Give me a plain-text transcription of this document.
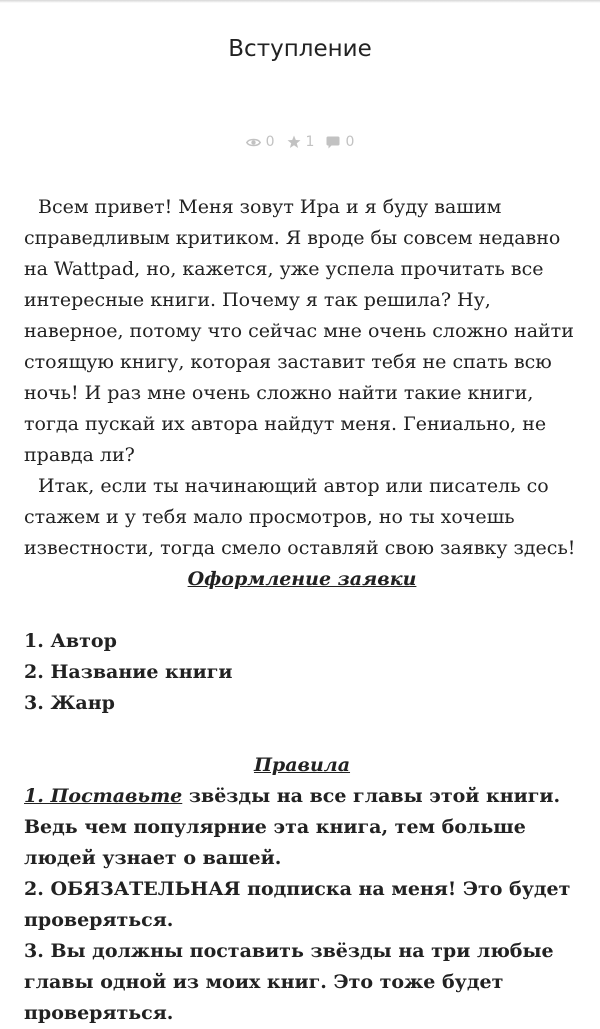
Вступление
0 1 0

Всем привет! Меня зовут Ира и я буду вашим справедливым критиком. Я вроде бы совсем недавно на Wattpad, но, кажется, уже успела прочитать все интересные книги. Почему я так решила? Ну, наверное, потому что сейчас мне очень сложно найти стоящую книгу, которая заставит тебя не спать всю ночь! И раз мне очень сложно найти такие книги, тогда пускай их автора найдут меня. Гениально, не правда ли?

Итак, если ты начинающий автор или писатель со стажем и у тебя мало просмотров, но ты хочешь известности, тогда смело оставляй свою заявку здесь!

Оформление заявки

1. Автор

2. Название книги

3. Жанр

Правила

1. Поставьте звёзды на все главы этой книги. Ведь чем популярние эта книга, тем больше людей узнает о вашей.

2. ОБЯЗАТЕЛЬНАЯ подписка на меня! Это будет проверяться.

3. Вы должны поставить звёзды на три любые главы одной из моих книг. Это тоже будет проверяться.
